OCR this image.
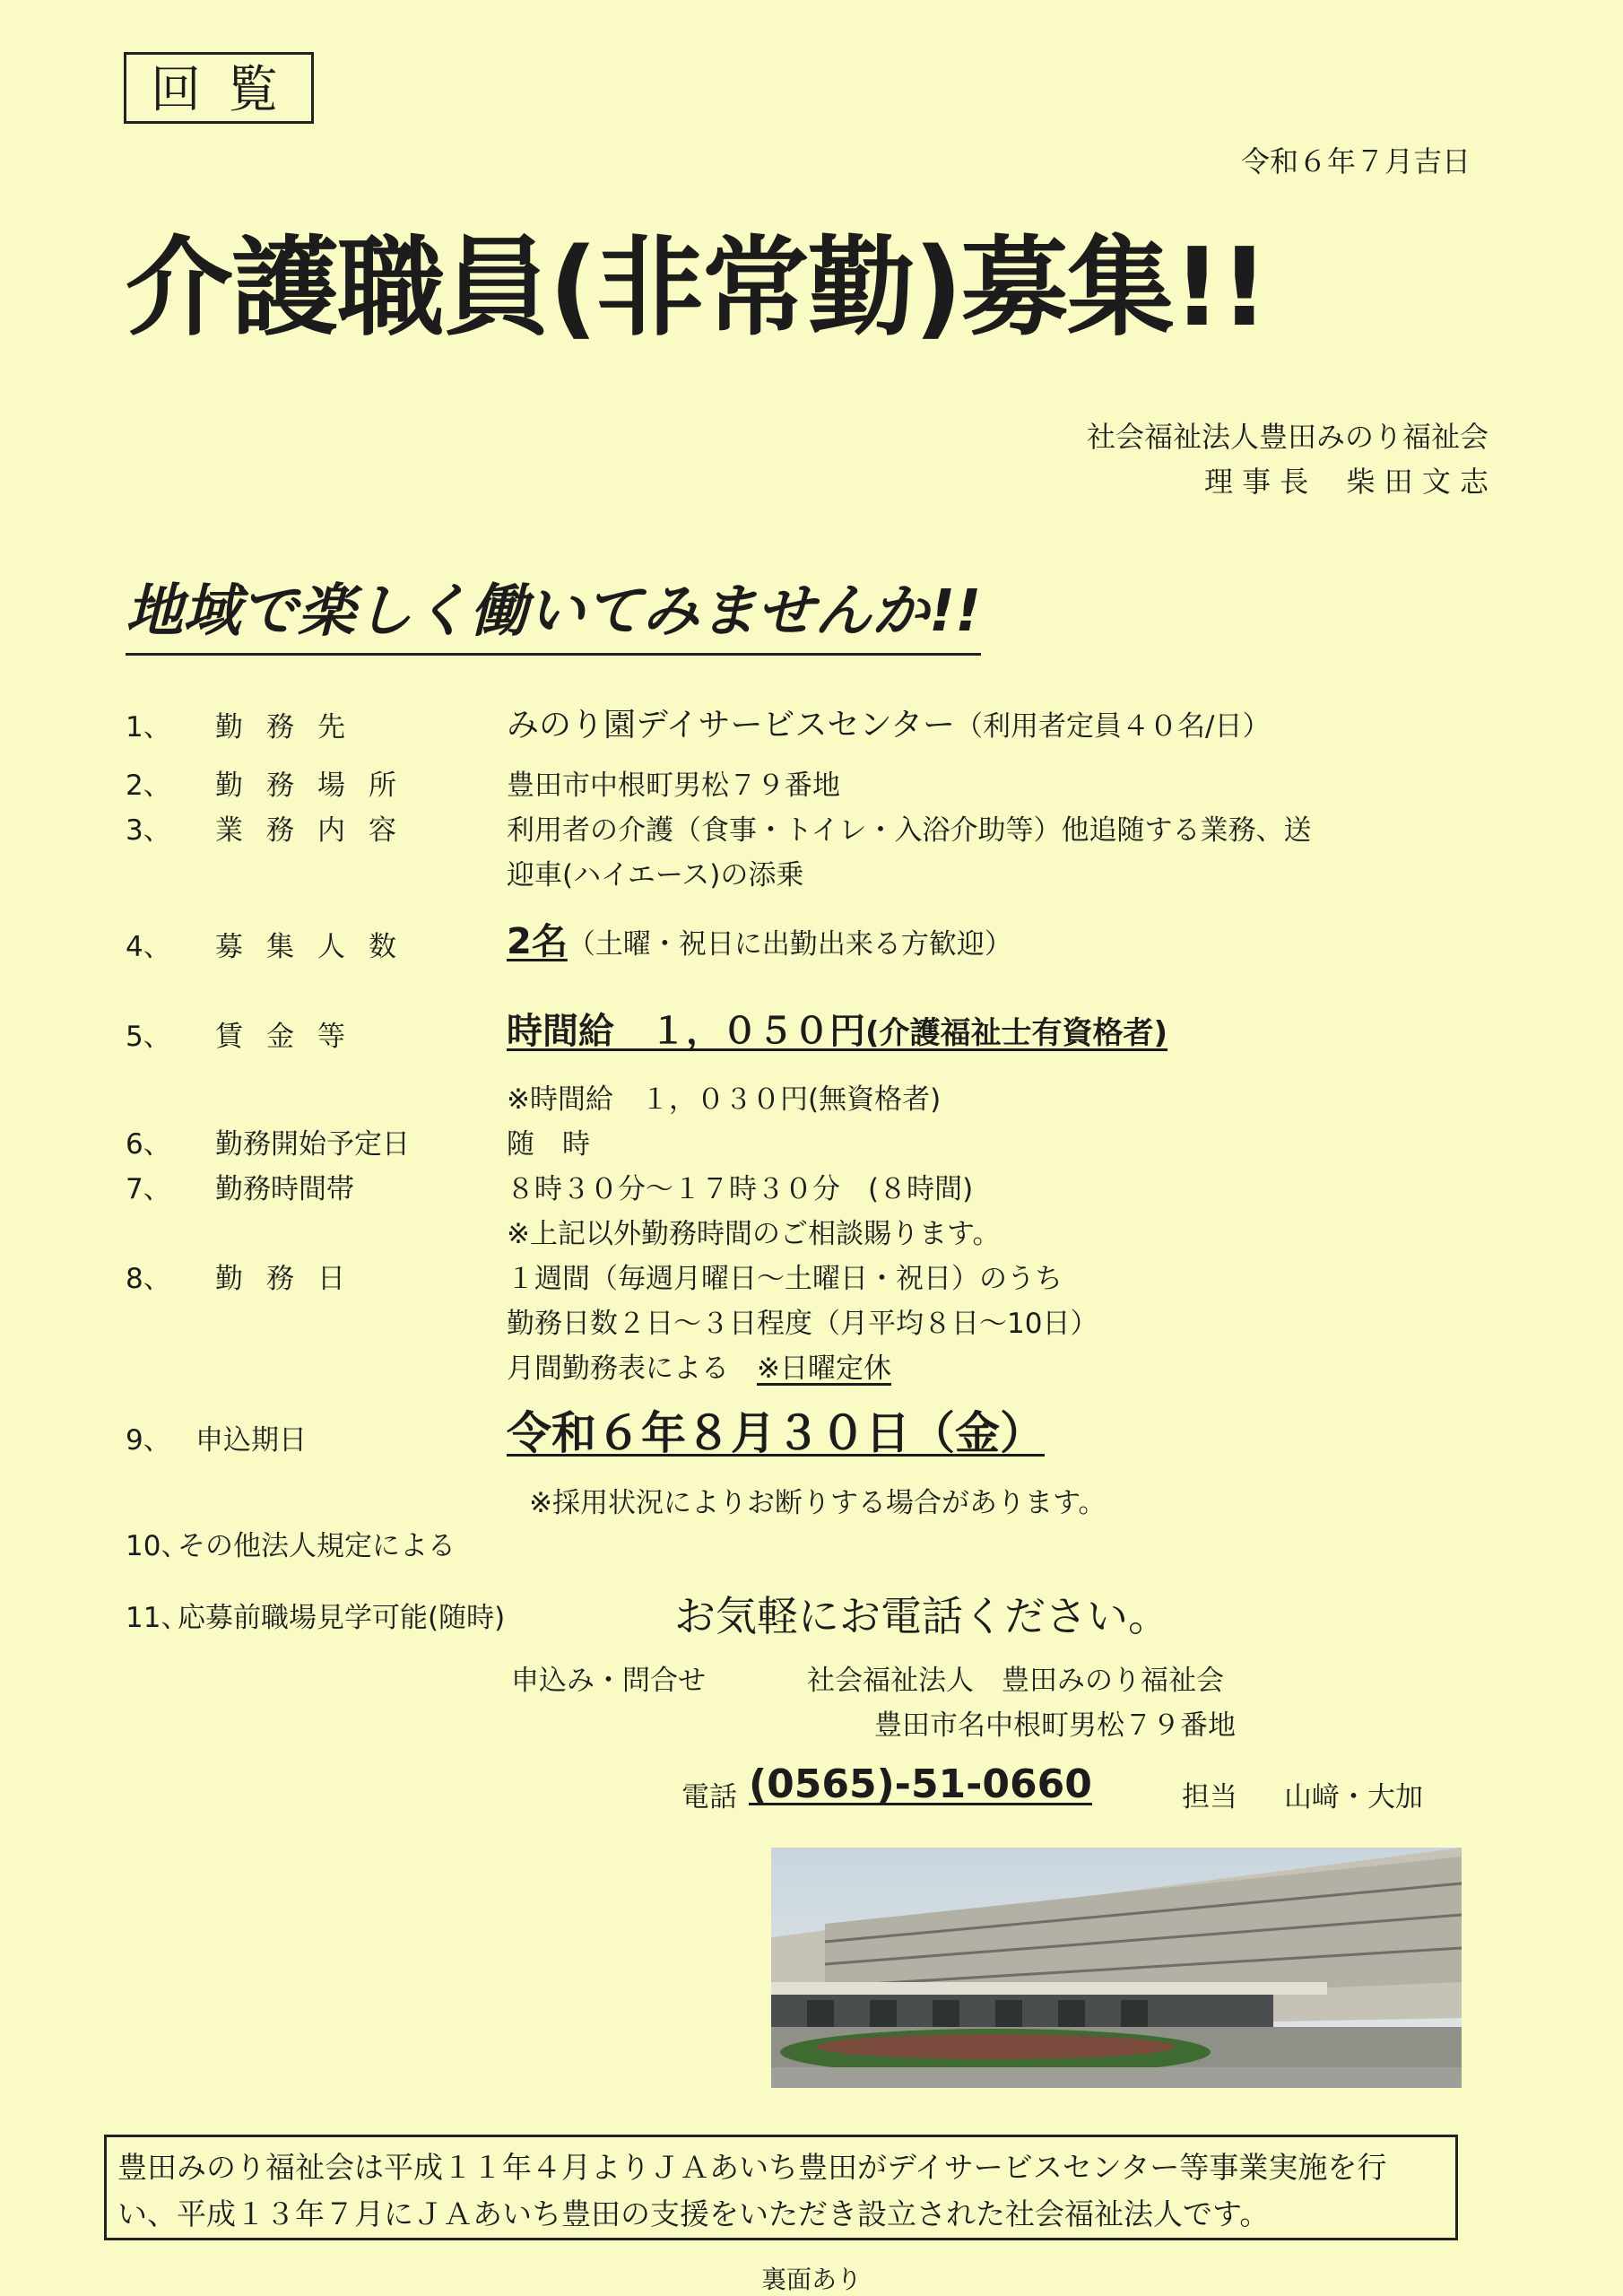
回覧
令和６年７月吉日
介護職員(非常勤)募集!!
社会福祉法人豊田みのり福祉会
理 事 長　 柴 田 文 志
地域で楽しく働いてみませんか!!
1、 勤務先	みのり園デイサービスセンター（利用者定員４０名/日）
2、 勤務場所	豊田市中根町男松７９番地
3、 業務内容	利用者の介護（食事・トイレ・入浴介助等）他追随する業務、送
迎車(ハイエース)の添乗
4、 募集人数 2名（土曜・祝日に出勤出来る方歓迎）
5、 賃金等	時間給　１，０５０円(介護福祉士有資格者)
※時間給　１，０３０円(無資格者)
6、 勤務開始予定日	随　時
7、 勤務時間帯	８時３０分～１７時３０分　(８時間)
※上記以外勤務時間のご相談賜ります。
8、 勤務日	１週間（毎週月曜日～土曜日・祝日）のうち
勤務日数２日～３日程度（月平均８日～10日）
月間勤務表による　 ※日曜定休
9、 申込期日	令和６年８月３０日（金）
※採用状況によりお断りする場合があります。
10、
その他法人規定による
11、
応募前職場見学可能(随時)	お気軽にお電話ください。
申込み・問合せ	社会福祉法人　豊田みのり福祉会
豊田市名中根町男松７９番地
電話 (0565)-51-0660	担当 山﨑・大加
豊田みのり福祉会は平成１１年４月よりＪＡあいち豊田がデイサービスセンター等事業実施を行い、平成１３年７月にＪＡあいち豊田の支援をいただき設立された社会福祉法人です。
裏面あり
